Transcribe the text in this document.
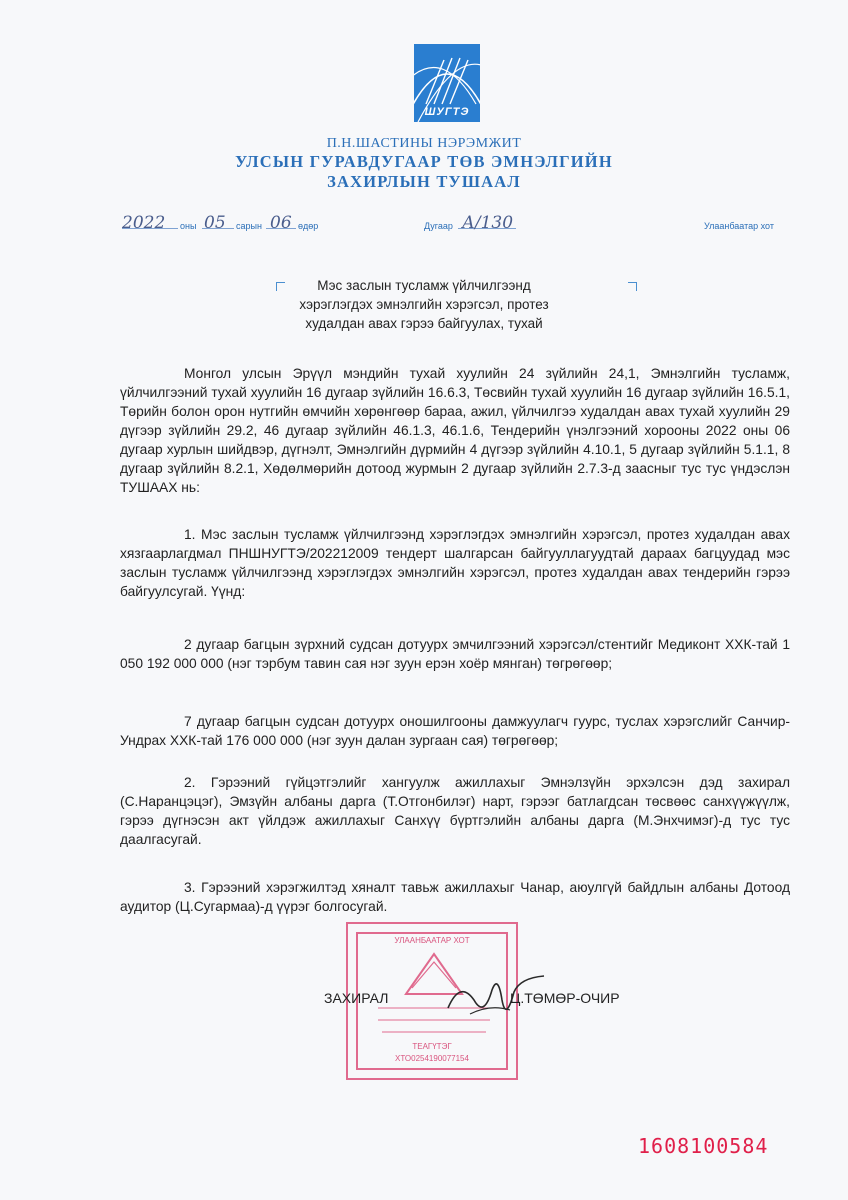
ШУГТЭ
П.Н.ШАСТИНЫ НЭРЭМЖИТ
УЛСЫН ГУРАВДУГААР ТӨВ ЭМНЭЛГИЙН
ЗАХИРЛЫН ТУШААЛ
2022 оны 05 сарын 06 өдөр	Дугаар А/130	Улаанбаатар хот
Мэс заслын тусламж үйлчилгээнд
хэрэглэгдэх эмнэлгийн хэрэгсэл, протез
худалдан авах гэрээ байгуулах, тухай
Монгол улсын Эрүүл мэндийн тухай хуулийн 24 зүйлийн 24,1, Эмнэлгийн тусламж, үйлчилгээний тухай хуулийн 16 дугаар зүйлийн 16.6.3, Төсвийн тухай хуулийн 16 дугаар зүйлийн 16.5.1, Төрийн болон орон нутгийн өмчийн хөрөнгөөр бараа, ажил, үйлчилгээ худалдан авах тухай хуулийн 29 дүгээр зүйлийн 29.2, 46 дугаар зүйлийн 46.1.3, 46.1.6, Тендерийн үнэлгээний хорооны 2022 оны 06 дугаар хурлын шийдвэр, дүгнэлт, Эмнэлгийн дүрмийн 4 дүгээр зүйлийн 4.10.1, 5 дугаар зүйлийн 5.1.1, 8 дугаар зүйлийн 8.2.1, Хөдөлмөрийн дотоод журмын 2 дугаар зүйлийн 2.7.3-д заасныг тус тус үндэслэн ТУШААХ нь:
1. Мэс заслын тусламж үйлчилгээнд хэрэглэгдэх эмнэлгийн хэрэгсэл, протез худалдан авах хязгаарлагдмал ПНШНУГТЭ/202212009 тендерт шалгарсан байгууллагуудтай дараах багцуудад мэс заслын тусламж үйлчилгээнд хэрэглэгдэх эмнэлгийн хэрэгсэл, протез худалдан авах тендерийн гэрээ байгуулсугай. Үүнд:
2 дугаар багцын зүрхний судсан дотуурх эмчилгээний хэрэгсэл/стентийг Медиконт ХХК-тай 1 050 192 000 000 (нэг тэрбум тавин сая нэг зуун ерэн хоёр мянган) төгрөгөөр;
7 дугаар багцын судсан дотуурх оношилгооны дамжуулагч гуурс, туслах хэрэгслийг Санчир-Ундрах ХХК-тай 176 000 000 (нэг зуун далан зургаан сая) төгрөгөөр;
2. Гэрээний гүйцэтгэлийг хангуулж ажиллахыг Эмнэлзүйн эрхэлсэн дэд захирал (С.Наранцэцэг), Эмзүйн албаны дарга (Т.Отгонбилэг) нарт, гэрээг батлагдсан төсвөөс санхүүжүүлж, гэрээ дүгнэсэн акт үйлдэж ажиллахыг Санхүү бүртгэлийн албаны дарга (М.Энхчимэг)-д тус тус даалгасугай.
3. Гэрээний хэрэгжилтэд хяналт тавьж ажиллахыг Чанар, аюулгүй байдлын албаны Дотоод аудитор (Ц.Сугармаа)-д үүрэг болгосугай.
УЛААНБААТАР ХОТ
ТЕАГҮТЭГ
ХТО0254190077154
ЗАХИРАЛ	Ц.ТӨМӨР-ОЧИР
1608100584
